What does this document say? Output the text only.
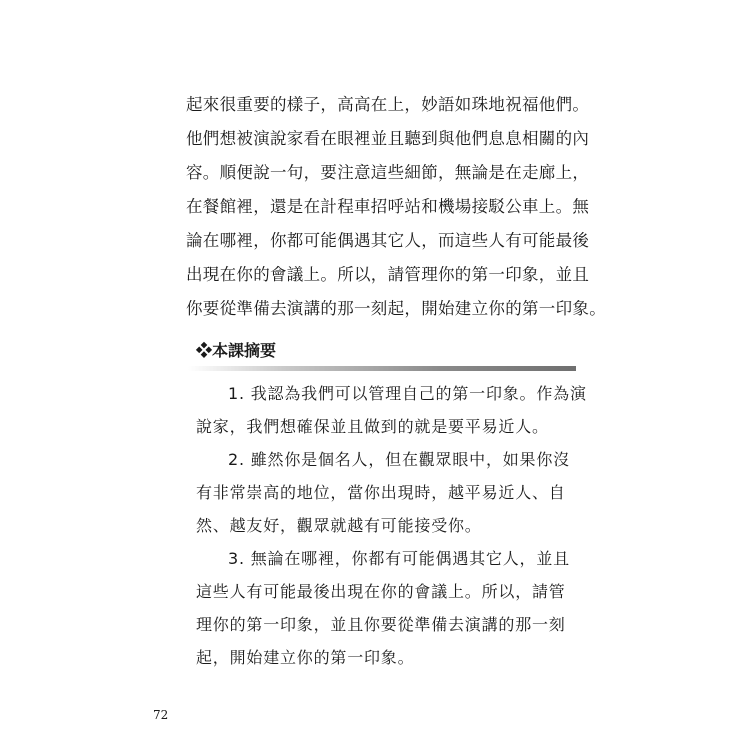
起來很重要的樣子，高高在上，妙語如珠地祝福他們。
他們想被演說家看在眼裡並且聽到與他們息息相關的內
容。順便說一句，要注意這些細節，無論是在走廊上，
在餐館裡，還是在計程車招呼站和機場接駁公車上。無
論在哪裡，你都可能偶遇其它人，而這些人有可能最後
出現在你的會議上。所以，請管理你的第一印象，並且
你要從準備去演講的那一刻起，開始建立你的第一印象。
❖本課摘要
1. 我認為我們可以管理自己的第一印象。作為演
說家，我們想確保並且做到的就是要平易近人。
2. 雖然你是個名人，但在觀眾眼中，如果你沒
有非常崇高的地位，當你出現時，越平易近人、自
然、越友好，觀眾就越有可能接受你。
3. 無論在哪裡，你都有可能偶遇其它人，並且
這些人有可能最後出現在你的會議上。所以，請管
理你的第一印象，並且你要從準備去演講的那一刻
起，開始建立你的第一印象。
72
